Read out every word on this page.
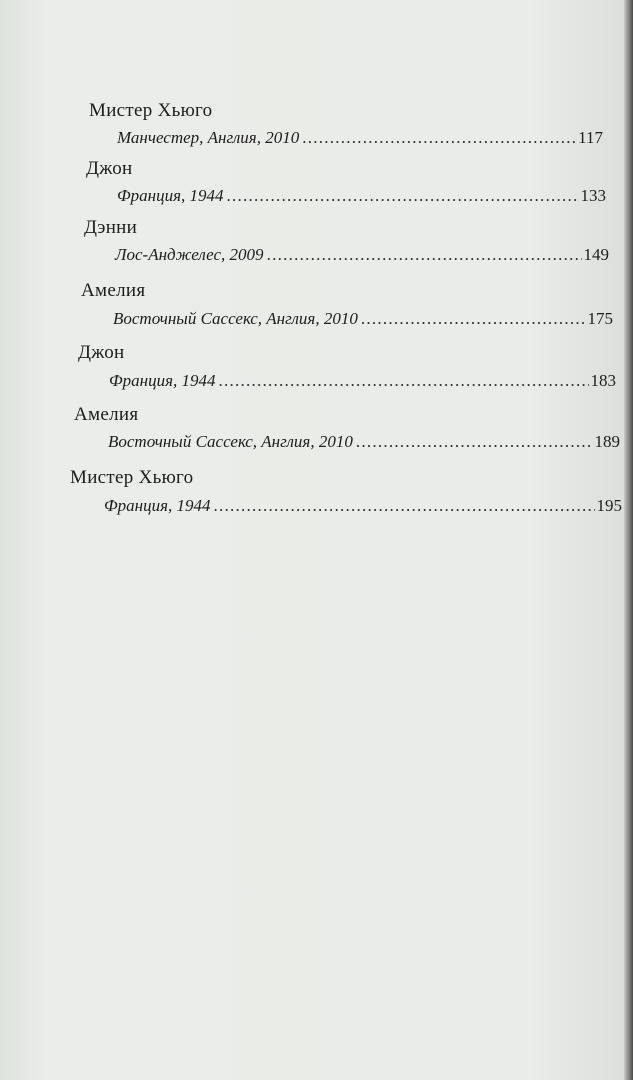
Мистер Хьюго
Манчестер, Англия, 2010 . . .	117
Джон
Франция, 1944 . . .	133
Дэнни
Лос-Анджелес, 2009 . . .	149
Амелия
Восточный Сассекс, Англия, 2010 . . .	175
Джон
Франция, 1944 . . .	183
Амелия
Восточный Сассекс, Англия, 2010 . . .	189
Мистер Хьюго
Франция, 1944 . . .	195
